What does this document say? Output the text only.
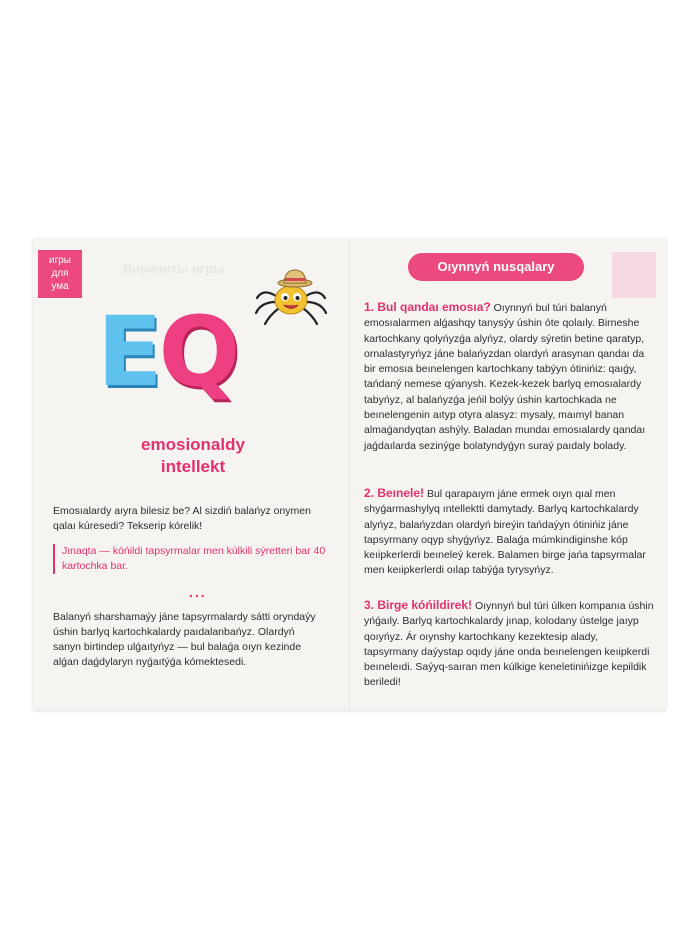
Варианты игры
игры
для
ума
EQ
emosionaldy
intellekt
Emosıalardy aıyra bilesiz be? Al sizdiń balańyz onymen qalaı kúresedi? Tekserip kórelik!
Jınaqta — kóńildi tapsyrmalar men kúlkili sýretteri bar 40 kartochka bar.
...
Balanyń sharshamaýy jáne tapsyrmalardy sátti oryndaýy úshin barlyq kartochkalardy paıdalanbańyz. Olardyń sanyn birtindep ulǵaıtyńyz — bul balaǵa oıyn kezinde alǵan daǵdylaryn nyǵaıtýǵa kómektesedi.
Oıynnyń nusqalary
1. Bul qandaı emosıa? Oıynnyń bul túri balanyń emosıalarmen alǵashqy tanysýy úshin óte qolaıly. Birneshe kartochkany qolyńyzǵa alyńyz, olardy sýretin betine qaratyp, ornalastyryńyz jáne balańyzdan olardyń arasynan qandaı da bir emosıa beınelengen kartochkany tabýyn ótinińiz: qaıǵy, tańdaný nemese qýanysh. Kezek-kezek barlyq emosıalardy tabyńyz, al balańyzǵa jeńil bolýy úshin kartochkada ne beınelengenin aıtyp otyra alasyz: mysaly, maımyl banan almaǵandyqtan ashýly. Baladan mundaı emosıalardy qandaı jaǵdaılarda sezinýge bolatyndyǵyn suraý paıdaly bolady.
2. Beınele! Bul qarapaıym jáne ermek oıyn qıal men shyǵarmashylyq ıntellektti damytady. Barlyq kartochkalardy alyńyz, balańyzdan olardyń bireýin tańdaýyn ótinińiz jáne tapsyrmany oqyp shyǵyńyz. Balaǵa múmkindiginshe kóp keıipkerlerdi beıneleý kerek. Balamen birge jańa tapsyrmalar men keıipkerlerdi oılap tabýǵa tyrysyńyz.
3. Birge kóńildirek! Oıynnyń bul túri úlken kompanıa úshin yńǵaıly. Barlyq kartochkalardy jınap, kolodany ústelge jaıyp qoıyńyz. Ár oıynshy kartochkany kezektesip alady, tapsyrmany daýystap oqıdy jáne onda beınelengen keıipkerdi beıneleıdi. Saýyq-saıran men kúlkige keneletinińizge kepildik beriledi!
